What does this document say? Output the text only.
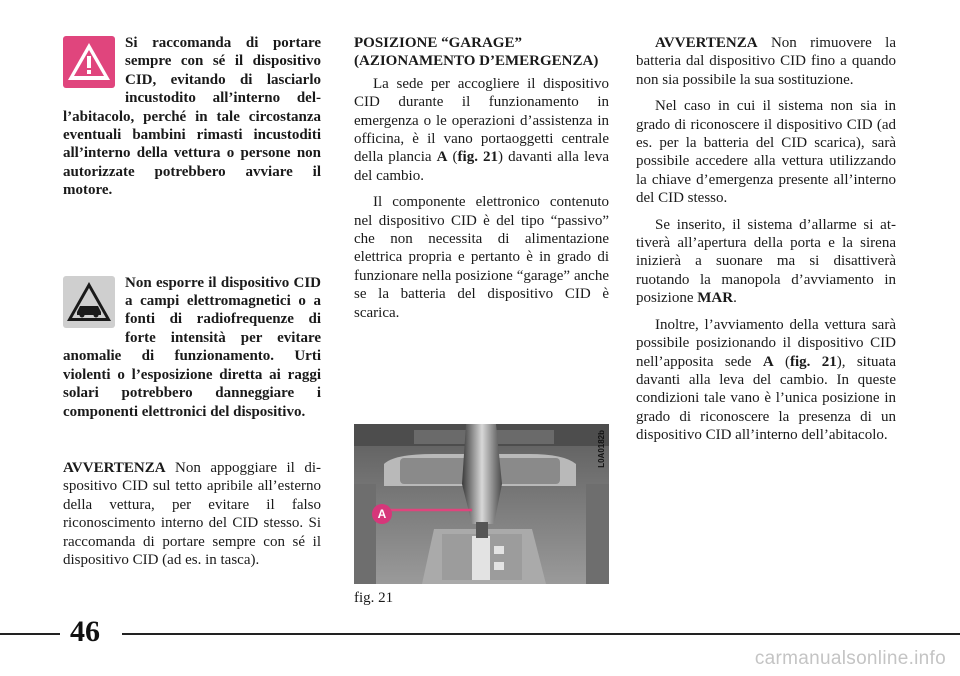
Si raccomanda di portare sempre con sé il dispositivo CID, evitando di lasciarlo incustodito all’interno dell’abitacolo, perché in tale circostanza eventuali bambini rimasti incustoditi all’interno della vettura o persone non autorizzate potrebbero avviare il motore.

Non esporre il dispositivo CID a campi elettromagnetici o a fonti di radiofrequenze di forte intensità per evitare anomalie di funzionamento. Urti violenti o l’esposizione diretta ai raggi solari potrebbero danneggiare i componenti elettronici del dispositivo.

AVVERTENZA Non appoggiare il dispositivo CID sul tetto apribile all’esterno della vettura, per evitare il falso riconoscimento interno del CID stesso. Si raccomanda di portare sempre con sé il dispositivo CID (ad es. in tasca).

POSIZIONE “GARAGE”

(AZIONAMENTO D’EMERGENZA)

La sede per accogliere il dispositivo CID durante il funzionamento in emergenza o le operazioni d’assistenza in officina, è il vano portaoggetti centrale della plancia A (fig. 21) davanti alla leva del cambio.

Il componente elettronico contenuto nel dispositivo CID è del tipo “passivo” che non necessita di alimentazione elettrica propria e pertanto è in grado di funzionare nella posizione “garage” anche se la batteria del dispositivo CID è scarica.

A
L0A0182b
fig. 21

AVVERTENZA Non rimuovere la batteria dal dispositivo CID fino a quando non sia possibile la sua sostituzione.

Nel caso in cui il sistema non sia in grado di riconoscere il dispositivo CID (ad es. per la batteria del CID scarica), sarà possibile accedere alla vettura utilizzando la chiave d’emergenza presente all’interno del CID stesso.

Se inserito, il sistema d’allarme si attiverà all’apertura della porta e la sirena inizierà a suonare ma si disattiverà ruotando la manopola d’avviamento in posizione MAR.

Inoltre, l’avviamento della vettura sarà possibile posizionando il dispositivo CID nell’apposita sede A (fig. 21), situata davanti alla leva del cambio. In queste condizioni tale vano è l’unica posizione in grado di riconoscere la presenza di un dispositivo CID all’interno dell’abitacolo.

46
carmanualsonline.info
